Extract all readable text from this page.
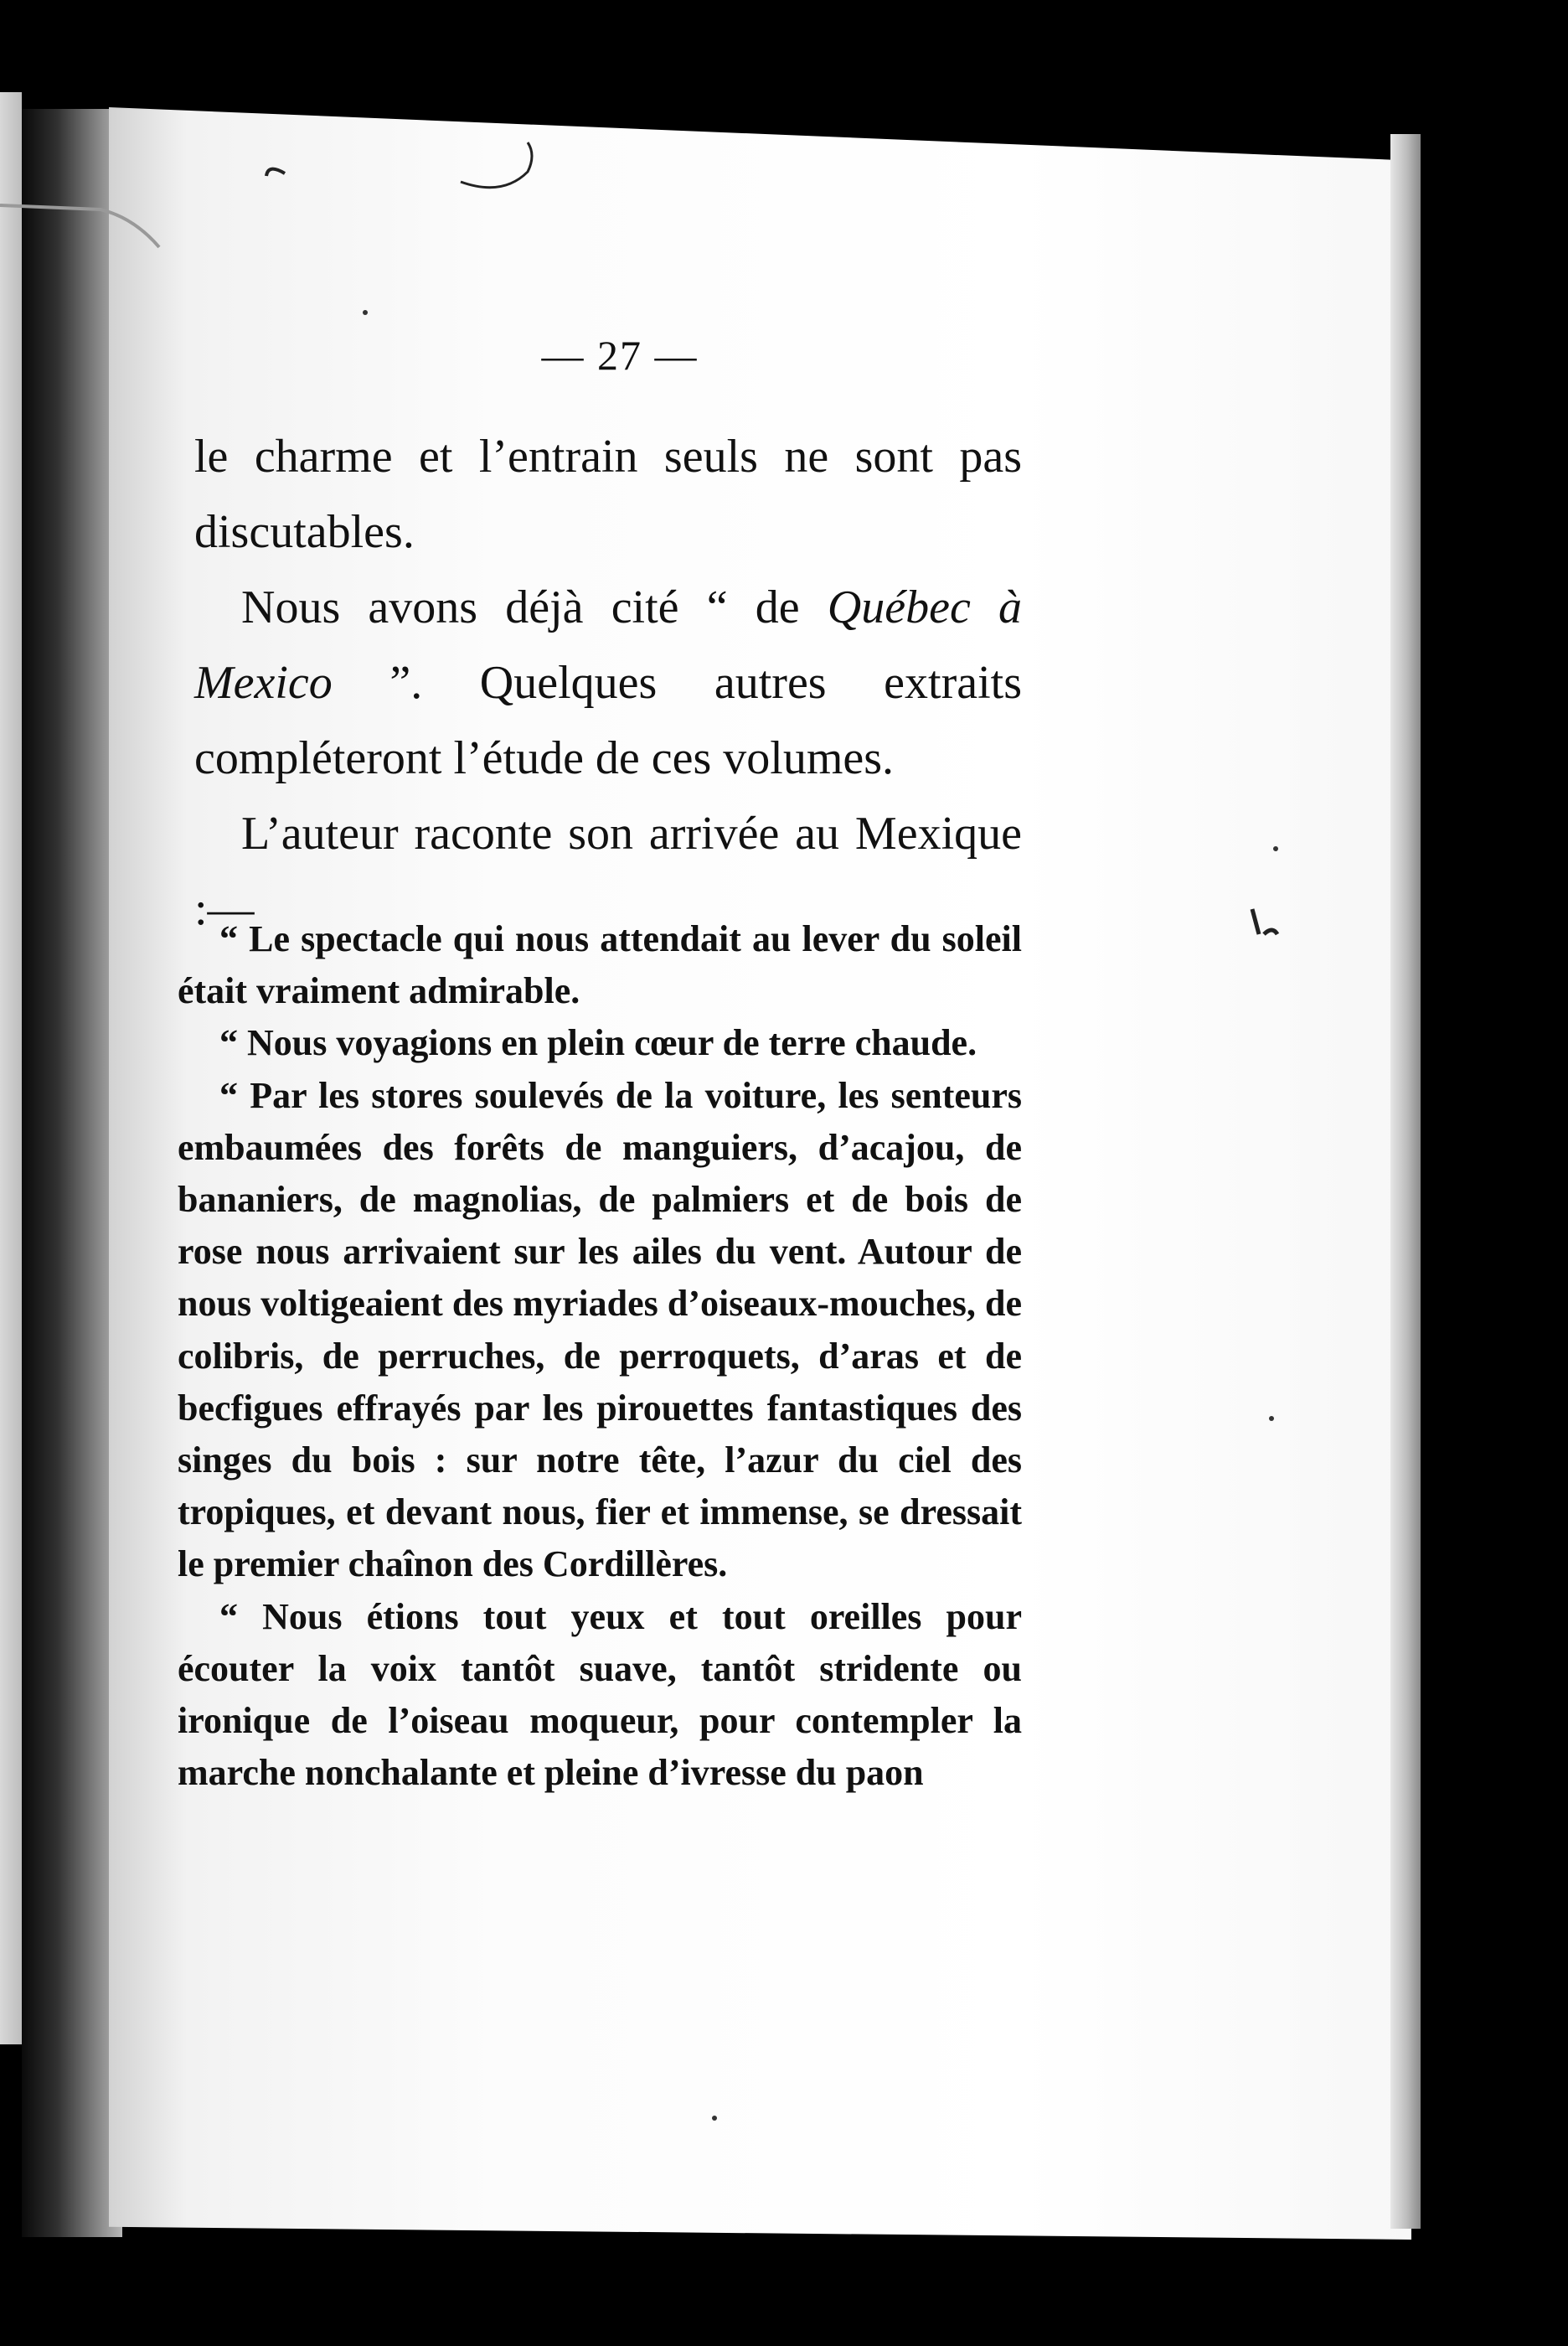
— 27 —

le charme et l’entrain seuls ne sont pas discutables.

Nous avons déjà cité “ de Québec à Mexico ”. Quelques autres extraits compléteront l’étude de ces volumes.

L’auteur raconte son arrivée au Mexique :—

“ Le spectacle qui nous attendait au lever du soleil était vraiment admirable.

“ Nous voyagions en plein cœur de terre chaude.

“ Par les stores soulevés de la voiture, les senteurs embaumées des forêts de manguiers, d’acajou, de bananiers, de magnolias, de palmiers et de bois de rose nous arrivaient sur les ailes du vent. Autour de nous voltigeaient des myriades d’oiseaux-mouches, de colibris, de perruches, de perroquets, d’aras et de becfigues effrayés par les pirouettes fantastiques des singes du bois : sur notre tête, l’azur du ciel des tropiques, et devant nous, fier et immense, se dressait le premier chaînon des Cordillères.

“ Nous étions tout yeux et tout oreilles pour écouter la voix tantôt suave, tantôt stridente ou ironique de l’oiseau moqueur, pour contempler la marche nonchalante et pleine d’ivresse du paon
